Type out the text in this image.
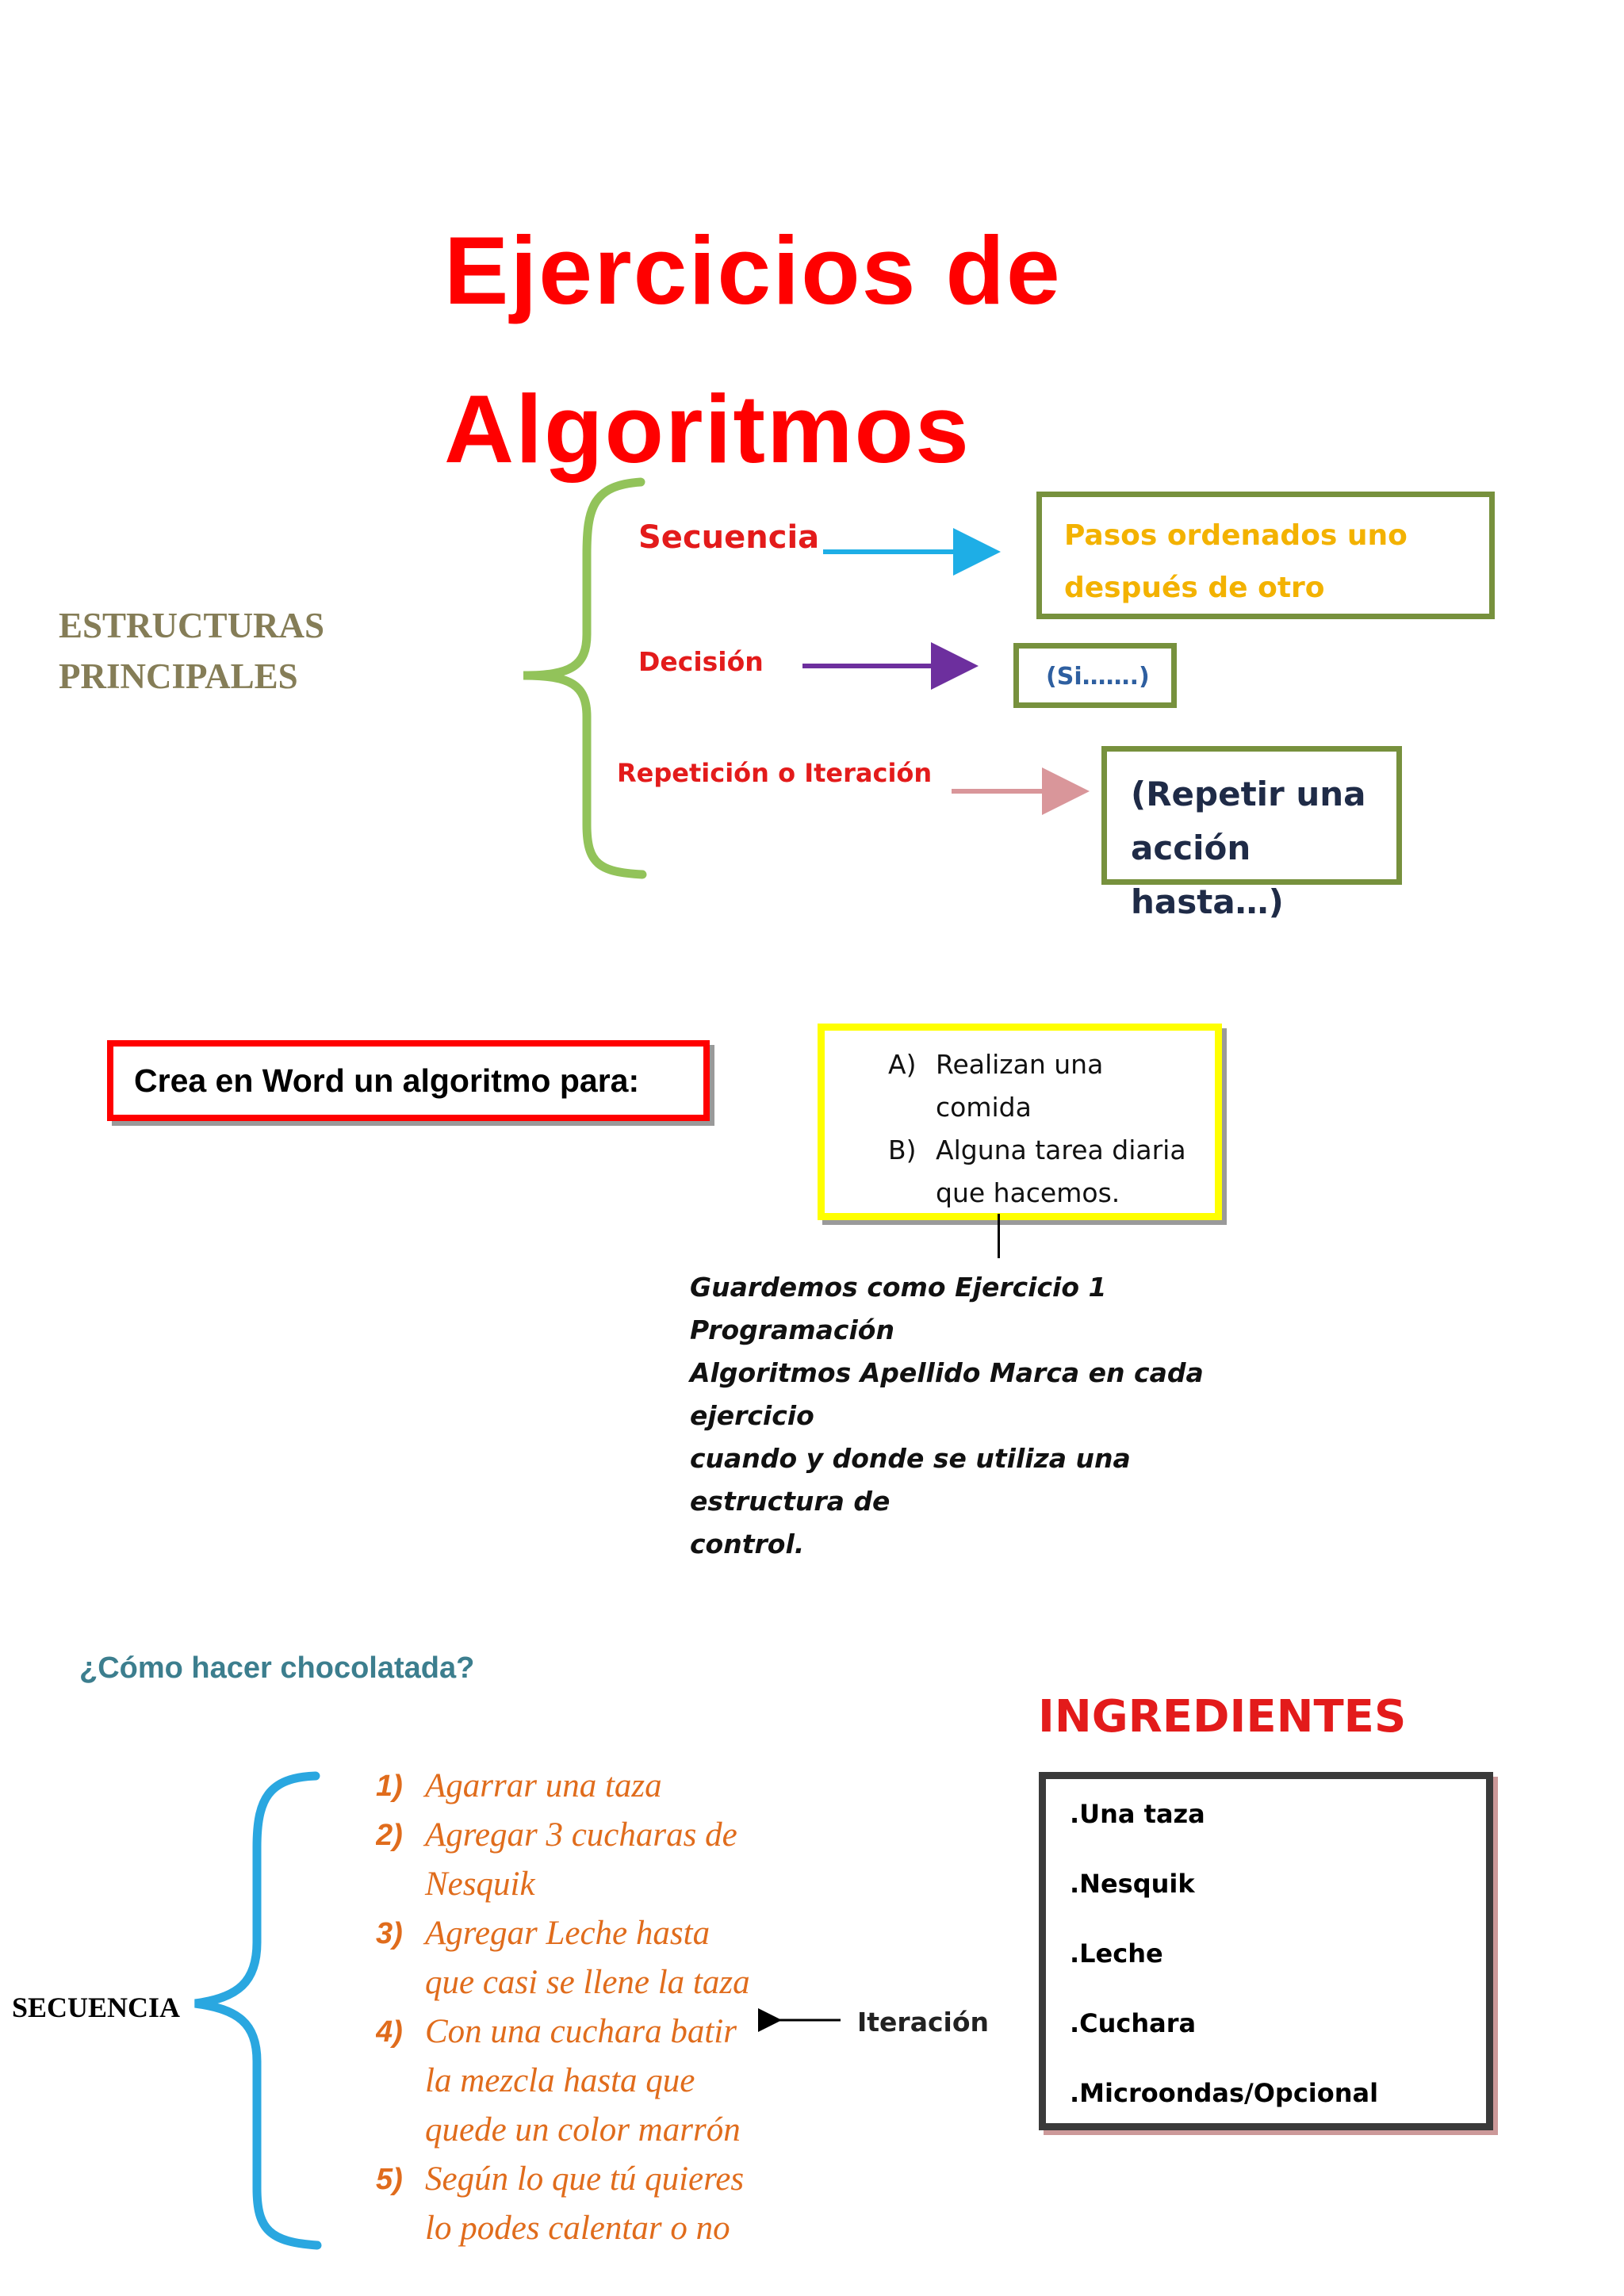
Ejercicios de
Algoritmos
ESTRUCTURAS
PRINCIPALES
Secuencia
Decisión
Repetición o Iteración
Pasos ordenados uno
después de otro
(Si…….)
(Repetir una
acción hasta…)
Crea en Word un algoritmo para:	A) Realizan una
comida
B) Alguna tarea diaria
que hacemos.
Guardemos como Ejercicio 1 Programación
Algoritmos Apellido Marca en cada ejercicio
cuando y donde se utiliza una estructura de
control.
¿Cómo hacer chocolatada?
INGREDIENTES
.Una taza
.Nesquik
.Leche
.Cuchara
.Microondas/Opcional
SECUENCIA	Iteración
1) Agarrar una taza
2) Agregar 3 cucharas de
Nesquik
3) Agregar Leche hasta
que casi se llene la taza
4) Con una cuchara batir
la mezcla hasta que
quede un color marrón
5) Según lo que tú quieres
lo podes calentar o no
